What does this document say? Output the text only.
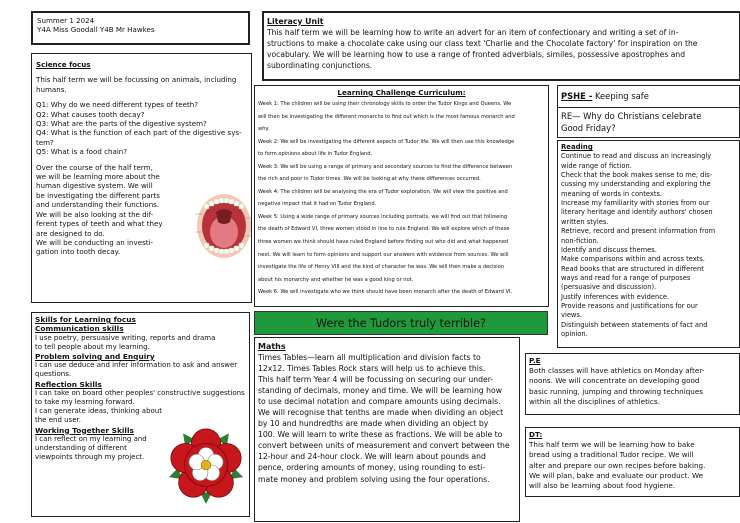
Summer 1 2024

Y4A Miss Goodall Y4B Mr Hawkes

Science focus

This half term we will be focussing on animals, including

humans.

Q1: Why do we need different types of teeth?

Q2: What causes tooth decay?

Q3: What are the parts of the digestive system?

Q4: What is the function of each part of the digestive sys-

tem?

Q5: What is a food chain?

Over the course of the half term,

we will be learning more about the

human digestive system. We will

be investigating the different parts

and understanding their functions.

We will be also looking at the dif-

ferent types of teeth and what they

are designed to do.

We will be conducting an investi-

gation into tooth decay.

Literacy Unit

This half term we will be learning how to write an advert for an item of confectionary and writing a set of in-

structions to make a chocolate cake using our class text 'Charlie and the Chocolate factory' for inspiration on the

vocabulary. We will be learning how to use a range of fronted adverbials, similes, possessive apostrophes and

subordinating conjunctions.

Learning Challenge Curriculum:

Week 1: The children will be using their chronology skills to order the Tudor Kings and Queens. We

will then be investigating the different monarchs to find out which is the most famous monarch and

why.

Week 2: We will be investigating the different aspects of Tudor life. We will then use this knowledge

to form opinions about life in Tudor England.

Week 3: We will be using a range of primary and secondary sources to find the difference between

the rich and poor in Tudor times. We will be looking at why these differences occurred.

Week 4: The children will be analysing the era of Tudor exploration. We will view the positive and

negative impact that it had on Tudor England.

Week 5: Using a wide range of primary sources including portraits, we will find out that following

the death of Edward VI, three women stood in line to rule England. We will explore which of these

three women we think should have ruled England before finding out who did and what happened

next. We will learn to form opinions and support our answers with evidence from sources. We will

investigate the life of Henry VIII and the kind of character he was. We will then make a decision

about his monarchy and whether he was a good king or not.

Week 6: We will investigate who we think should have been monarch after the death of Edward VI.

Were the Tudors truly terrible?
PSHE - Keeping safe

RE— Why do Christians celebrate

Good Friday?

Reading

Continue to read and discuss an increasingly

wide range of fiction.

Check that the book makes sense to me, dis-

cussing my understanding and exploring the

meaning of words in contexts.

Increase my familiarity with stories from our

literary heritage and identify authors' chosen

written styles.

Retrieve, record and present information from

non-fiction.

Identify and discuss themes.

Make comparisons within and across texts.

Read books that are structured in different

ways and read for a range of purposes

(persuasive and discussion).

Justify inferences with evidence.

Provide reasons and justifications for our

views.

Distinguish between statements of fact and

opinion.

Skills for Learning focus

Communication skills

I use poetry, persuasive writing, reports and drama

to tell people about my learning.

Problem solving and Enquiry

I can use deduce and infer information to ask and answer

questions.

Reflection Skills

I can take on board other peoples' constructive suggestions

to take my learning forward.

I can generate ideas, thinking about

the end user.

Working Together Skills

I can reflect on my learning and

understanding of different

viewpoints through my project.

Maths

Times Tables—learn all multiplication and division facts to

12x12. Times Tables Rock stars will help us to achieve this.

This half term Year 4 will be focussing on securing our under-

standing of decimals, money and time. We will be learning how

to use decimal notation and compare amounts using decimals.

We will recognise that tenths are made when dividing an object

by 10 and hundredths are made when dividing an object by

100. We will learn to write these as fractions. We will be able to

convert between units of measurement and convert between the

12-hour and 24-hour clock. We will learn about pounds and

pence, ordering amounts of money, using rounding to esti-

mate money and problem solving using the four operations.

P.E

Both classes will have athletics on Monday after-

noons. We will concentrate on developing good

basic running, jumping and throwing techniques

within all the disciplines of athletics.

DT:

This half term we will be learning how to bake

bread using a traditional Tudor recipe. We will

alter and prepare our own recipes before baking.

We will plan, bake and evaluate our product. We

will also be learning about food hygiene.
